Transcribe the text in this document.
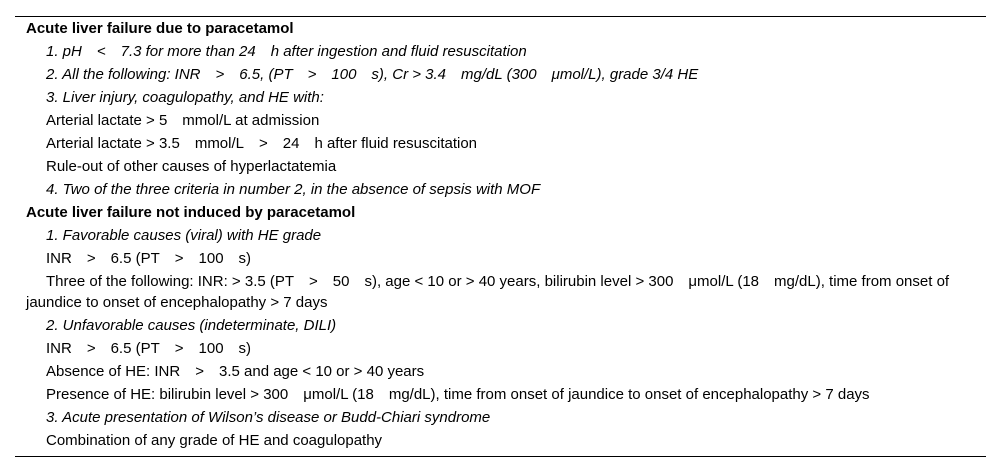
Acute liver failure due to paracetamol
1. pH < 7.3 for more than 24 h after ingestion and fluid resuscitation
2. All the following: INR > 6.5, (PT > 100 s), Cr > 3.4 mg/dL (300 μmol/L), grade 3/4 HE
3. Liver injury, coagulopathy, and HE with:
Arterial lactate > 5 mmol/L at admission
Arterial lactate > 3.5 mmol/L > 24 h after fluid resuscitation
Rule-out of other causes of hyperlactatemia
4. Two of the three criteria in number 2, in the absence of sepsis with MOF
Acute liver failure not induced by paracetamol
1. Favorable causes (viral) with HE grade
INR > 6.5 (PT > 100 s)
Three of the following: INR: > 3.5 (PT > 50 s), age < 10 or > 40 years, bilirubin level > 300 μmol/L (18 mg/dL), time from onset of jaundice to onset of encephalopathy > 7 days
2. Unfavorable causes (indeterminate, DILI)
INR > 6.5 (PT > 100 s)
Absence of HE: INR > 3.5 and age < 10 or > 40 years
Presence of HE: bilirubin level > 300 μmol/L (18 mg/dL), time from onset of jaundice to onset of encephalopathy > 7 days
3. Acute presentation of Wilson’s disease or Budd-Chiari syndrome
Combination of any grade of HE and coagulopathy
